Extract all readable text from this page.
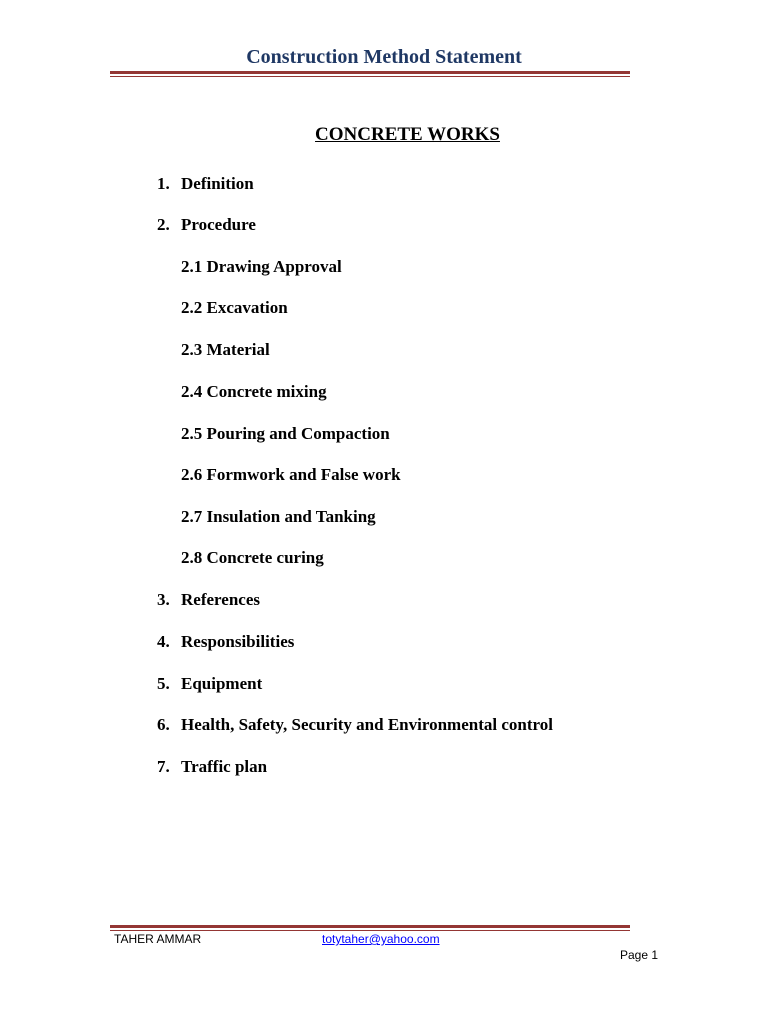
Construction Method Statement
CONCRETE WORKS
1. Definition
2. Procedure
2.1 Drawing Approval
2.2 Excavation
2.3 Material
2.4 Concrete mixing
2.5 Pouring and Compaction
2.6 Formwork and False work
2.7 Insulation and Tanking
2.8 Concrete curing
3. References
4. Responsibilities
5. Equipment
6. Health, Safety, Security and Environmental control
7. Traffic plan
TAHER AMMAR	totytaher@yahoo.com
Page 1
